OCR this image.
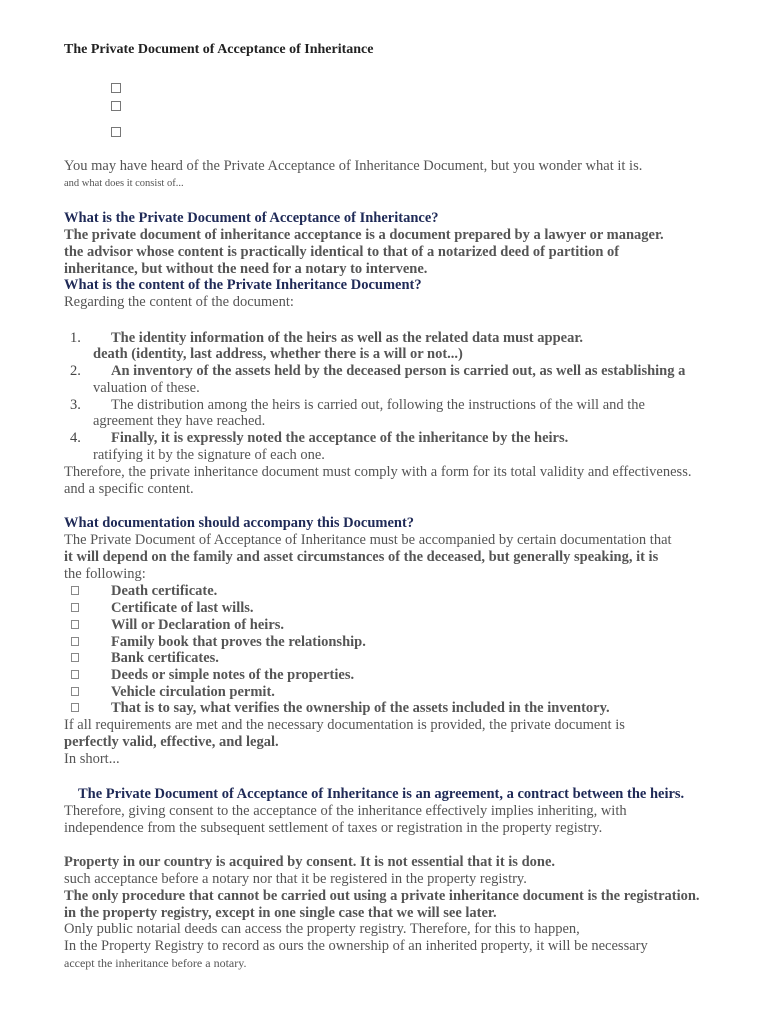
The Private Document of Acceptance of Inheritance
You may have heard of the Private Acceptance of Inheritance Document, but you wonder what it is.
and what does it consist of...
What is the Private Document of Acceptance of Inheritance?
The private document of inheritance acceptance is a document prepared by a lawyer or manager.
the advisor whose content is practically identical to that of a notarized deed of partition of
inheritance, but without the need for a notary to intervene.
What is the content of the Private Inheritance Document?
Regarding the content of the document:
1. The identity information of the heirs as well as the related data must appear.
death (identity, last address, whether there is a will or not...)
2. An inventory of the assets held by the deceased person is carried out, as well as establishing a
valuation of these.
3. The distribution among the heirs is carried out, following the instructions of the will and the
agreement they have reached.
4. Finally, it is expressly noted the acceptance of the inheritance by the heirs.
ratifying it by the signature of each one.
Therefore, the private inheritance document must comply with a form for its total validity and effectiveness.
and a specific content.
What documentation should accompany this Document?
The Private Document of Acceptance of Inheritance must be accompanied by certain documentation that
it will depend on the family and asset circumstances of the deceased, but generally speaking, it is
the following:
Death certificate.
Certificate of last wills.
Will or Declaration of heirs.
Family book that proves the relationship.
Bank certificates.
Deeds or simple notes of the properties.
Vehicle circulation permit.
That is to say, what verifies the ownership of the assets included in the inventory.
If all requirements are met and the necessary documentation is provided, the private document is
perfectly valid, effective, and legal.
In short...
The Private Document of Acceptance of Inheritance is an agreement, a contract between the heirs.
Therefore, giving consent to the acceptance of the inheritance effectively implies inheriting, with
independence from the subsequent settlement of taxes or registration in the property registry.
Property in our country is acquired by consent. It is not essential that it is done.
such acceptance before a notary nor that it be registered in the property registry.
The only procedure that cannot be carried out using a private inheritance document is the registration.
in the property registry, except in one single case that we will see later.
Only public notarial deeds can access the property registry. Therefore, for this to happen,
In the Property Registry to record as ours the ownership of an inherited property, it will be necessary
accept the inheritance before a notary.
